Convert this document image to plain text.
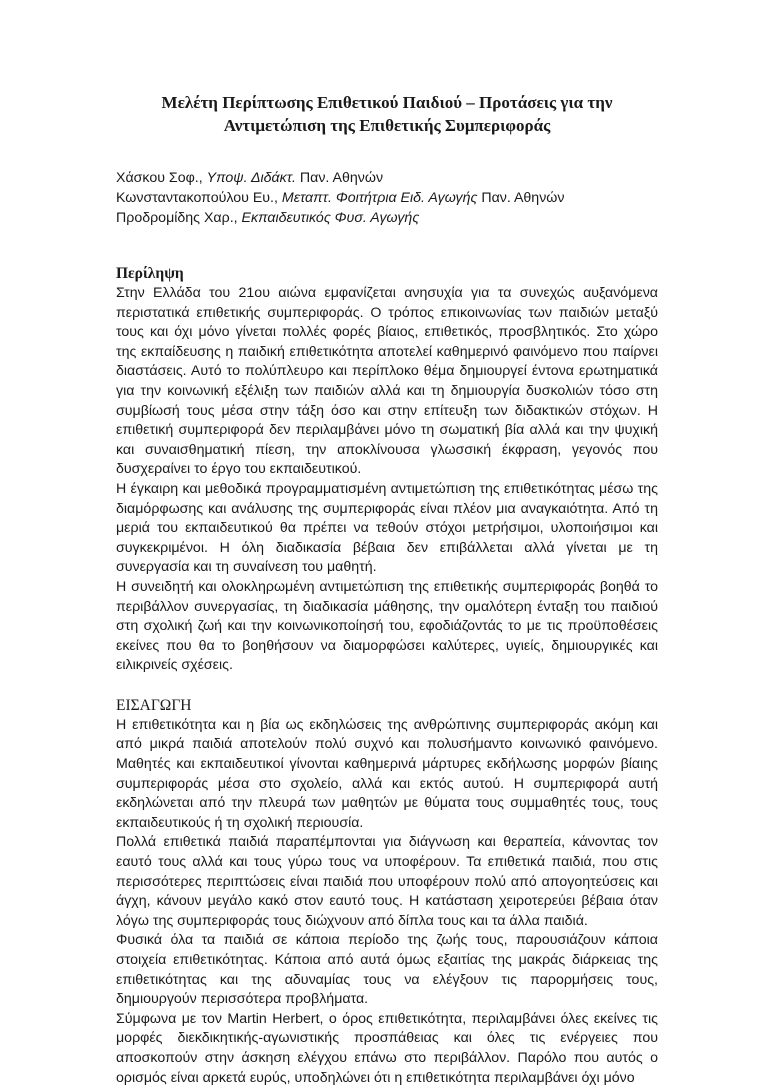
Μελέτη Περίπτωσης Επιθετικού Παιδιού – Προτάσεις για την Αντιμετώπιση της Επιθετικής Συμπεριφοράς
Χάσκου Σοφ., Υποψ. Διδάκτ. Παν. Αθηνών
Κωνσταντακοπούλου Ευ., Μεταπτ. Φοιτήτρια Ειδ. Αγωγής Παν. Αθηνών
Προδρομίδης Χαρ., Εκπαιδευτικός Φυσ. Αγωγής
Περίληψη

Στην Ελλάδα του 21ου αιώνα εμφανίζεται ανησυχία για τα συνεχώς αυξανόμενα περιστατικά επιθετικής συμπεριφοράς. Ο τρόπος επικοινωνίας των παιδιών μεταξύ τους και όχι μόνο γίνεται πολλές φορές βίαιος, επιθετικός, προσβλητικός. Στο χώρο της εκπαίδευσης η παιδική επιθετικότητα αποτελεί καθημερινό φαινόμενο που παίρνει διαστάσεις. Αυτό το πολύπλευρο και περίπλοκο θέμα δημιουργεί έντονα ερωτηματικά για την κοινωνική εξέλιξη των παιδιών αλλά και τη δημιουργία δυσκολιών τόσο στη συμβίωσή τους μέσα στην τάξη όσο και στην επίτευξη των διδακτικών στόχων. Η επιθετική συμπεριφορά δεν περιλαμβάνει μόνο τη σωματική βία αλλά και την ψυχική και συναισθηματική πίεση, την αποκλίνουσα γλωσσική έκφραση, γεγονός που δυσχεραίνει το έργο του εκπαιδευτικού.

Η έγκαιρη και μεθοδικά προγραμματισμένη αντιμετώπιση της επιθετικότητας μέσω της διαμόρφωσης και ανάλυσης της συμπεριφοράς είναι πλέον μια αναγκαιότητα. Από τη μεριά του εκπαιδευτικού θα πρέπει να τεθούν στόχοι μετρήσιμοι, υλοποιήσιμοι και συγκεκριμένοι. Η όλη διαδικασία βέβαια δεν επιβάλλεται αλλά γίνεται με τη συνεργασία και τη συναίνεση του μαθητή.

Η συνειδητή και ολοκληρωμένη αντιμετώπιση της επιθετικής συμπεριφοράς βοηθά το περιβάλλον συνεργασίας, τη διαδικασία μάθησης, την ομαλότερη ένταξη του παιδιού στη σχολική ζωή και την κοινωνικοποίησή του, εφοδιάζοντάς το με τις προϋποθέσεις εκείνες που θα το βοηθήσουν να διαμορφώσει καλύτερες, υγιείς, δημιουργικές και ειλικρινείς σχέσεις.

ΕΙΣΑΓΩΓΗ

Η επιθετικότητα και η βία ως εκδηλώσεις της ανθρώπινης συμπεριφοράς ακόμη και από μικρά παιδιά αποτελούν πολύ συχνό και πολυσήμαντο κοινωνικό φαινόμενο. Μαθητές και εκπαιδευτικοί γίνονται καθημερινά μάρτυρες εκδήλωσης μορφών βίαιης συμπεριφοράς μέσα στο σχολείο, αλλά και εκτός αυτού. Η συμπεριφορά αυτή εκδηλώνεται από την πλευρά των μαθητών με θύματα τους συμμαθητές τους, τους εκπαιδευτικούς ή τη σχολική περιουσία.

Πολλά επιθετικά παιδιά παραπέμπονται για διάγνωση και θεραπεία, κάνοντας τον εαυτό τους αλλά και τους γύρω τους να υποφέρουν. Τα επιθετικά παιδιά, που στις περισσότερες περιπτώσεις είναι παιδιά που υποφέρουν πολύ από απογοητεύσεις και άγχη, κάνουν μεγάλο κακό στον εαυτό τους. Η κατάσταση χειροτερεύει βέβαια όταν λόγω της συμπεριφοράς τους διώχνουν από δίπλα τους και τα άλλα παιδιά.

Φυσικά όλα τα παιδιά σε κάποια περίοδο της ζωής τους, παρουσιάζουν κάποια στοιχεία επιθετικότητας. Κάποια από αυτά όμως εξαιτίας της μακράς διάρκειας της επιθετικότητας και της αδυναμίας τους να ελέγξουν τις παρορμήσεις τους, δημιουργούν περισσότερα προβλήματα.

Σύμφωνα με τον Martin Herbert, ο όρος επιθετικότητα, περιλαμβάνει όλες εκείνες τις μορφές διεκδικητικής-αγωνιστικής προσπάθειας και όλες τις ενέργειες που αποσκοπούν στην άσκηση ελέγχου επάνω στο περιβάλλον. Παρόλο που αυτός ο ορισμός είναι αρκετά ευρύς, υποδηλώνει ότι η επιθετικότητα περιλαμβάνει όχι μόνο
